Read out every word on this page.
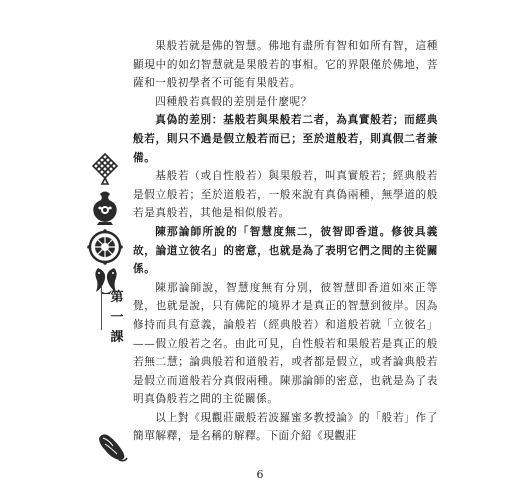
果般若就是佛的智慧。佛地有盡所有智和如所有智，這種顯現中的如幻智慧就是果般若的事相。它的界限僅於佛地，菩薩和一般初學者不可能有果般若。

四種般若真假的差別是什麼呢？

真偽的差別：基般若與果般若二者，為真實般若；而經典般若，則只不過是假立般若而已；至於道般若，則真假二者兼備。

基般若（或自性般若）與果般若，叫真實般若；經典般若是假立般若；至於道般若，一般來說有真偽兩種，無學道的般若是真般若，其他是相似般若。

陳那論師所說的「智慧度無二，彼智即香道。修彼具義故，論道立彼名」的密意，也就是為了表明它們之間的主從關係。

陳那論師說，智慧度無有分別，彼智慧即香道如來正等覺，也就是說，只有佛陀的境界才是真正的智慧到彼岸。因為修持而具有意義，論般若（經典般若）和道般若就「立彼名」——假立般若之名。由此可見，自性般若和果般若是真正的般若無二慧；論典般若和道般若，或者都是假立，或者論典般若是假立而道般若分真假兩種。陳那論師的密意，也就是為了表明真偽般若之間的主從關係。

以上對《現觀莊嚴般若波羅蜜多教授論》的「般若」作了簡單解釋，是名稱的解釋。下面介紹《現觀莊

第
一
課
6
